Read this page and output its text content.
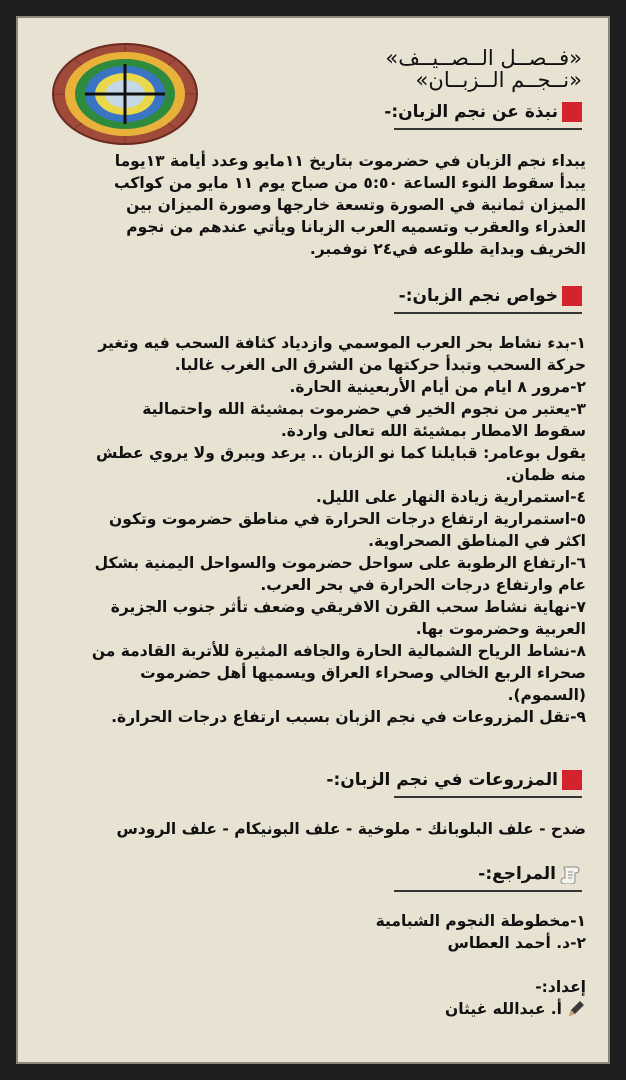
«فــصــل الــصــيــف»
«نــجــم الــزبــان»
نبذة عن نجم الزبان:-
يبداء نجم الزبان في حضرموت بتاريخ ١١مايو وعدد أيامة ١٣يوما
يبدأ سقوط النوء الساعة ٥:٥٠ من صباح يوم ١١ مايو من كواكب
الميزان ثمانية في الصورة وتسعة خارجها وصورة الميزان بين
العذراء والعقرب وتسميه العرب الزبانا ويأتي عندهم من نجوم
الخريف وبداية طلوعه في٢٤ نوفمبر.
خواص نجم الزبان:-
١-بدء نشاط بحر العرب الموسمي وازدياد كثافة السحب فيه وتغير
حركة السحب وتبدأ حركتها من الشرق الى الغرب غالبا.
٢-مرور ٨ ايام من أيام الأربعينية الحارة.
٣-يعتبر من نجوم الخير في حضرموت بمشيئة الله واحتمالية
سقوط الامطار بمشيئة الله تعالى واردة.
يقول بوعامر: قبايلنا كما نو الزبان .. يرعد ويبرق ولا يروي عطش
منه ظمان.
٤-استمرارية زيادة النهار على الليل.
٥-استمرارية ارتفاع درجات الحرارة في مناطق حضرموت وتكون
اكثر في المناطق الصحراوية.
٦-ارتفاع الرطوبة على سواحل حضرموت والسواحل اليمنية بشكل
عام وارتفاع درجات الحرارة في بحر العرب.
٧-نهاية نشاط سحب القرن الافريقي وضعف تأثر جنوب الجزيرة
العربية وحضرموت بها.
٨-نشاط الرياح الشمالية الحارة والجافه المثيرة للأتربة القادمة من
صحراء الربع الخالي وصحراء العراق ويسميها أهل حضرموت
(السموم).
٩-تقل المزروعات في نجم الزبان بسبب ارتفاع درجات الحرارة.
المزروعات في نجم الزبان:-
ضدح - علف البلوبانك - ملوخية - علف البونيكام - علف الرودس
المراجع:-
١-مخطوطة النجوم الشبامية
٢-د. أحمد العطاس
إعداد:-
أ. عبدالله غيثان
